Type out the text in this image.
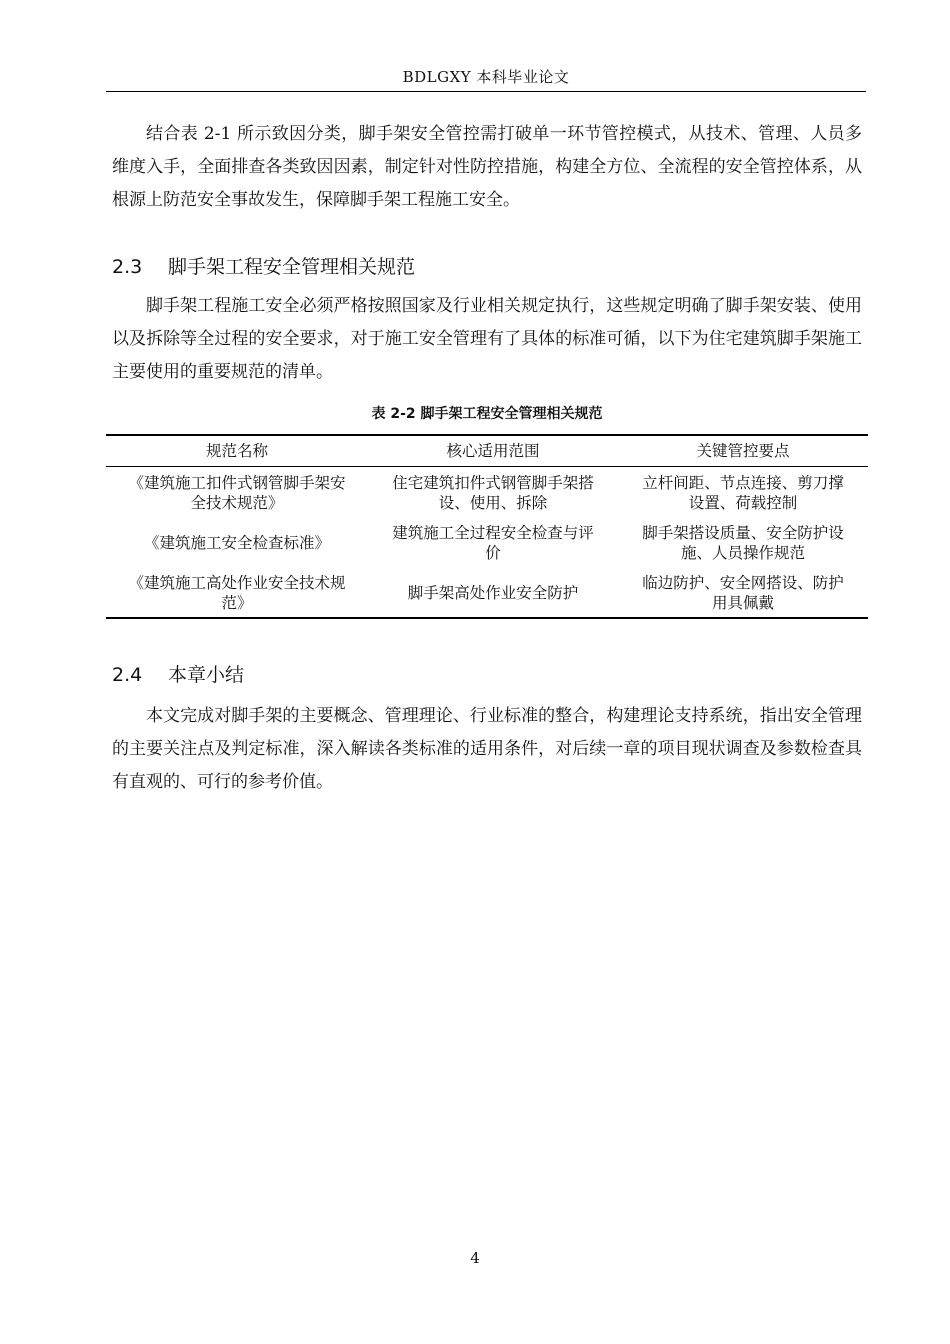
BDLGXY 本科毕业论文

结合表 2-1 所示致因分类，脚手架安全管控需打破单一环节管控模式，从技术、管理、人员多维度入手，全面排查各类致因因素，制定针对性防控措施，构建全方位、全流程的安全管控体系，从根源上防范安全事故发生，保障脚手架工程施工安全。

2.3 脚手架工程安全管理相关规范

脚手架工程施工安全必须严格按照国家及行业相关规定执行，这些规定明确了脚手架安装、使用以及拆除等全过程的安全要求，对于施工安全管理有了具体的标准可循，以下为住宅建筑脚手架施工主要使用的重要规范的清单。

表 2-2 脚手架工程安全管理相关规范
规范名称	核心适用范围	关键管控要点
《建筑施工扣件式钢管脚手架安全技术规范》	住宅建筑扣件式钢管脚手架搭设、使用、拆除	立杆间距、节点连接、剪刀撑设置、荷载控制
《建筑施工安全检查标准》	建筑施工全过程安全检查与评价	脚手架搭设质量、安全防护设施、人员操作规范
《建筑施工高处作业安全技术规范》	脚手架高处作业安全防护	临边防护、安全网搭设、防护用具佩戴
2.4 本章小结

本文完成对脚手架的主要概念、管理理论、行业标准的整合，构建理论支持系统，指出安全管理的主要关注点及判定标准，深入解读各类标准的适用条件，对后续一章的项目现状调查及参数检查具有直观的、可行的参考价值。

4
